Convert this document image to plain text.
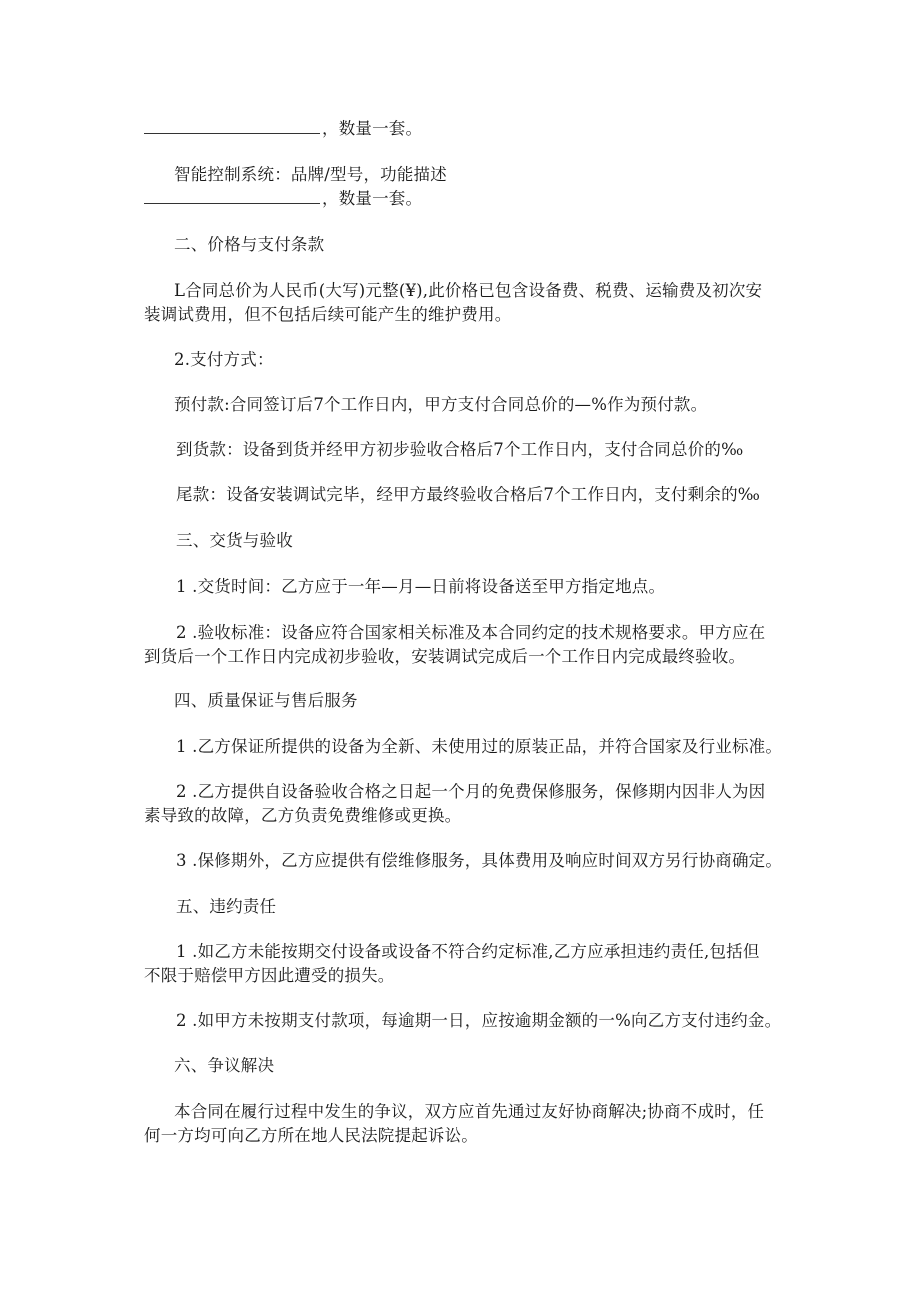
，数量一套。
智能控制系统：品牌/型号，功能描述
，数量一套。
二、价格与支付条款
L合同总价为人民币(大写)元整(¥),此价格已包含设备费、税费、运输费及初次安
装调试费用，但不包括后续可能产生的维护费用。
2.支付方式：
预付款:合同签订后7个工作日内，甲方支付合同总价的—%作为预付款。
到货款：设备到货并经甲方初步验收合格后7个工作日内，支付合同总价的‰
尾款：设备安装调试完毕，经甲方最终验收合格后7个工作日内，支付剩余的‰
三、交货与验收
1 .交货时间：乙方应于一年—月—日前将设备送至甲方指定地点。
2 .验收标准：设备应符合国家相关标准及本合同约定的技术规格要求。甲方应在
到货后一个工作日内完成初步验收，安装调试完成后一个工作日内完成最终验收。
四、质量保证与售后服务
1 .乙方保证所提供的设备为全新、未使用过的原装正品，并符合国家及行业标准。
2 .乙方提供自设备验收合格之日起一个月的免费保修服务，保修期内因非人为因
素导致的故障，乙方负责免费维修或更换。
3 .保修期外，乙方应提供有偿维修服务，具体费用及响应时间双方另行协商确定。
五、违约责任
1 .如乙方未能按期交付设备或设备不符合约定标准,乙方应承担违约责任,包括但
不限于赔偿甲方因此遭受的损失。
2 .如甲方未按期支付款项，每逾期一日，应按逾期金额的一%向乙方支付违约金。
六、争议解决
本合同在履行过程中发生的争议，双方应首先通过友好协商解决;协商不成时，任
何一方均可向乙方所在地人民法院提起诉讼。
